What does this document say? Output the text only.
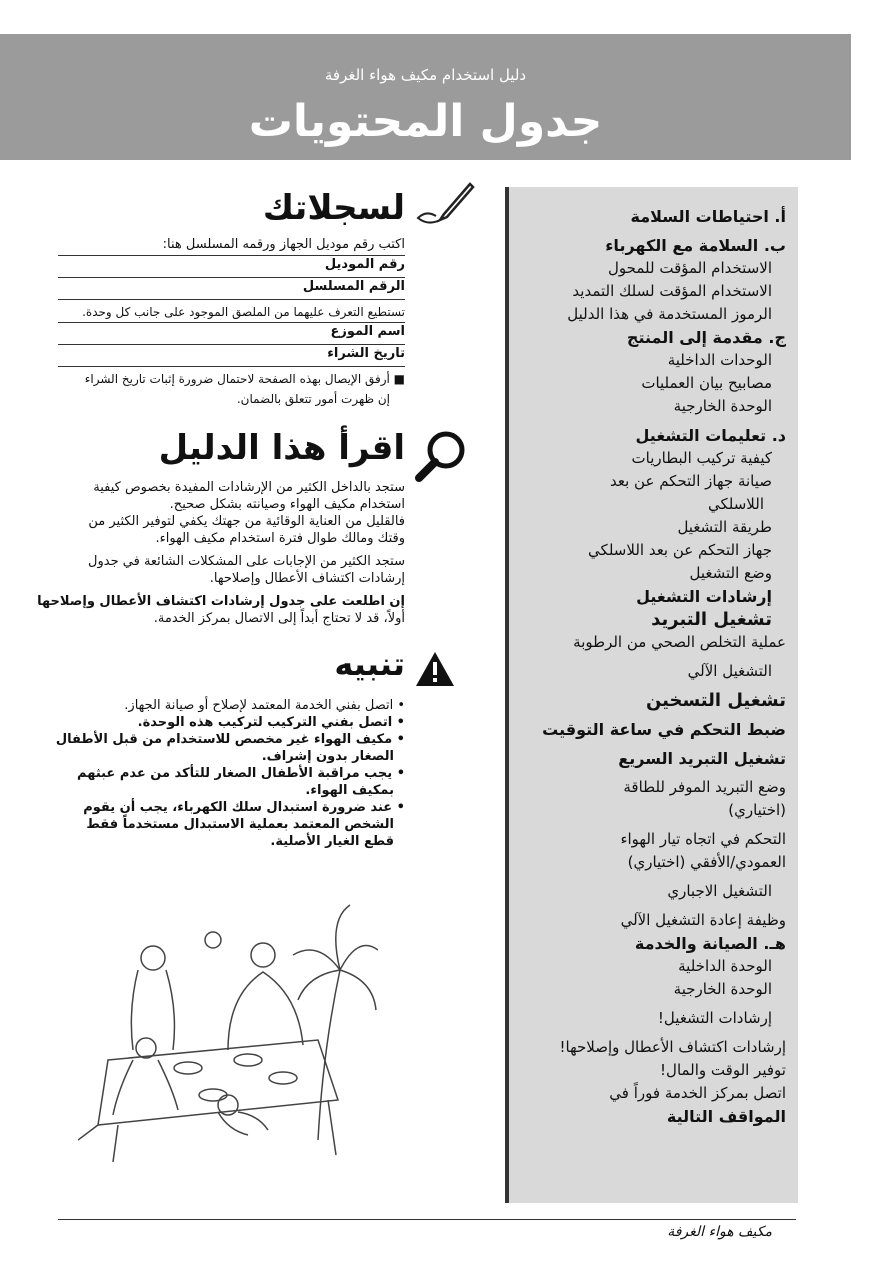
دليل استخدام مكيف هواء الغرفة
جدول المحتويات
لسجلاتك
اكتب رقم موديل الجهاز ورقمه المسلسل هنا:
رقم الموديل
الرقم المسلسل
تستطيع التعرف عليهما من الملصق الموجود على جانب كل وحدة.
اسم الموزع
تاريخ الشراء
■ أرفق الإيصال بهذه الصفحة لاحتمال ضرورة إثبات تاريخ الشراء
إن ظهرت أمور تتعلق بالضمان.
اقرأ هذا الدليل
ستجد بالداخل الكثير من الإرشادات المفيدة بخصوص كيفية
استخدام مكيف الهواء وصيانته بشكل صحيح.
فالقليل من العناية الوقائية من جهتك يكفي لتوفير الكثير من
وقتك ومالك طوال فترة استخدام مكيف الهواء.
ستجد الكثير من الإجابات على المشكلات الشائعة في جدول
إرشادات اكتشاف الأعطال وإصلاحها.
إن اطلعت على جدول إرشادات اكتشاف الأعطال وإصلاحها
أولاً، قد لا تحتاج أبداً إلى الاتصال بمركز الخدمة.
تنبيه
• اتصل بفني الخدمة المعتمد لإصلاح أو صيانة الجهاز.
• اتصل بفني التركيب لتركيب هذه الوحدة.
• مكيف الهواء غير مخصص للاستخدام من قبل الأطفال
الصغار بدون إشراف.
• يجب مراقبة الأطفال الصغار للتأكد من عدم عبثهم
بمكيف الهواء.
• عند ضرورة استبدال سلك الكهرباء، يجب أن يقوم
الشخص المعتمد بعملية الاستبدال مستخدماً فقط
قطع الغيار الأصلية.
أ. احتياطات السلامة
ب. السلامة مع الكهرباء
الاستخدام المؤقت للمحول
الاستخدام المؤقت لسلك التمديد
الرموز المستخدمة في هذا الدليل
ج. مقدمة إلى المنتج
الوحدات الداخلية
مصابيح بيان العمليات
الوحدة الخارجية
د. تعليمات التشغيل
كيفية تركيب البطاريات
صيانة جهاز التحكم عن بعد
اللاسلكي
طريقة التشغيل
جهاز التحكم عن بعد اللاسلكي
وضع التشغيل
إرشادات التشغيل
تشغيل التبريد
عملية التخلص الصحي من الرطوبة
التشغيل الآلي
تشغيل التسخين
ضبط التحكم في ساعة التوقيت
تشغيل التبريد السريع
وضع التبريد الموفر للطاقة
(اختياري)
التحكم في اتجاه تيار الهواء
العمودي/الأفقي (اختياري)
التشغيل الاجباري
وظيفة إعادة التشغيل الآلي
هـ. الصيانة والخدمة
الوحدة الداخلية
الوحدة الخارجية
إرشادات التشغيل!
إرشادات اكتشاف الأعطال وإصلاحها!
توفير الوقت والمال!
اتصل بمركز الخدمة فوراً في
المواقف التالية
مكيف هواء الغرفة
